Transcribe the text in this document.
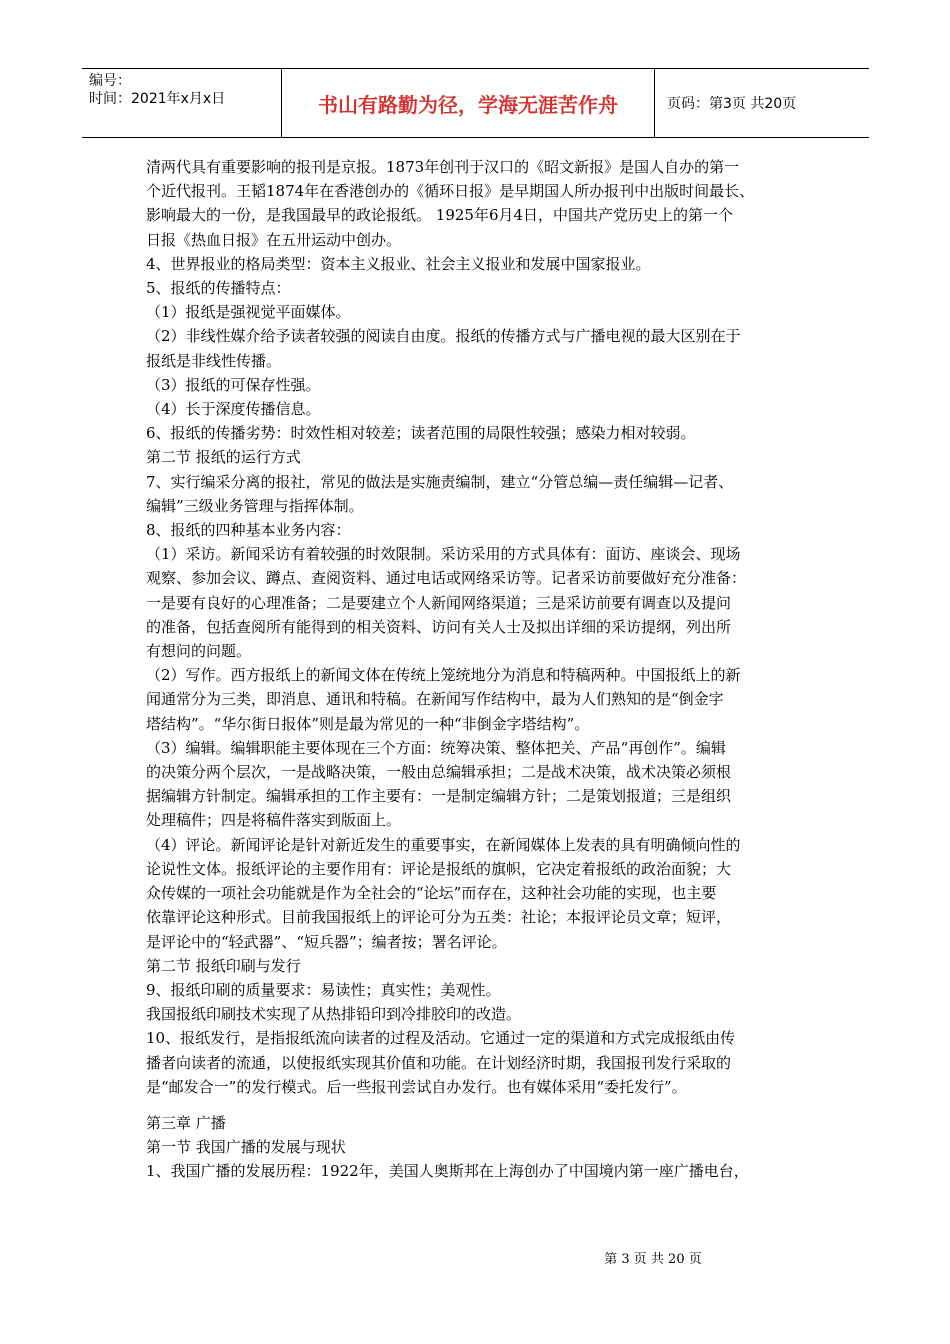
编号：
时间：2021年x月x日	书山有路勤为径，学海无涯苦作舟	页码：第3页 共20页

清两代具有重要影响的报刊是京报。1873年创刊于汉口的《昭文新报》是国人自办的第一

个近代报刊。王韬1874年在香港创办的《循环日报》是早期国人所办报刊中出版时间最长、

影响最大的一份，是我国最早的政论报纸。 1925年6月4日，中国共产党历史上的第一个

日报《热血日报》在五卅运动中创办。

4、世界报业的格局类型：资本主义报业、社会主义报业和发展中国家报业。

5、报纸的传播特点：

（1）报纸是强视觉平面媒体。

（2）非线性媒介给予读者较强的阅读自由度。报纸的传播方式与广播电视的最大区别在于

报纸是非线性传播。

（3）报纸的可保存性强。

（4）长于深度传播信息。

6、报纸的传播劣势：时效性相对较差；读者范围的局限性较强；感染力相对较弱。

第二节 报纸的运行方式

7、实行编采分离的报社，常见的做法是实施责编制，建立“分管总编—责任编辑—记者、

编辑”三级业务管理与指挥体制。

8、报纸的四种基本业务内容：

（1）采访。新闻采访有着较强的时效限制。采访采用的方式具体有：面访、座谈会、现场

观察、参加会议、蹲点、查阅资料、通过电话或网络采访等。记者采访前要做好充分准备：

一是要有良好的心理准备；二是要建立个人新闻网络渠道；三是采访前要有调查以及提问

的准备，包括查阅所有能得到的相关资料、访问有关人士及拟出详细的采访提纲，列出所

有想问的问题。

（2）写作。西方报纸上的新闻文体在传统上笼统地分为消息和特稿两种。中国报纸上的新

闻通常分为三类，即消息、通讯和特稿。在新闻写作结构中，最为人们熟知的是“倒金字

塔结构”。“华尔街日报体”则是最为常见的一种“非倒金字塔结构”。

（3）编辑。编辑职能主要体现在三个方面：统筹决策、整体把关、产品“再创作”。编辑

的决策分两个层次，一是战略决策，一般由总编辑承担；二是战术决策，战术决策必须根

据编辑方针制定。编辑承担的工作主要有：一是制定编辑方针；二是策划报道；三是组织

处理稿件；四是将稿件落实到版面上。

（4）评论。新闻评论是针对新近发生的重要事实，在新闻媒体上发表的具有明确倾向性的

论说性文体。报纸评论的主要作用有：评论是报纸的旗帜，它决定着报纸的政治面貌；大

众传媒的一项社会功能就是作为全社会的“论坛”而存在，这种社会功能的实现，也主要

依靠评论这种形式。目前我国报纸上的评论可分为五类：社论；本报评论员文章；短评，

是评论中的“轻武器”、“短兵器”；编者按；署名评论。

第二节 报纸印刷与发行

9、报纸印刷的质量要求：易读性；真实性；美观性。

我国报纸印刷技术实现了从热排铅印到冷排胶印的改造。

10、报纸发行，是指报纸流向读者的过程及活动。它通过一定的渠道和方式完成报纸由传

播者向读者的流通，以使报纸实现其价值和功能。在计划经济时期，我国报刊发行采取的

是“邮发合一”的发行模式。后一些报刊尝试自办发行。也有媒体采用“委托发行”。

第三章 广播

第一节 我国广播的发展与现状

1、我国广播的发展历程：1922年，美国人奥斯邦在上海创办了中国境内第一座广播电台，

第 3 页 共 20 页
